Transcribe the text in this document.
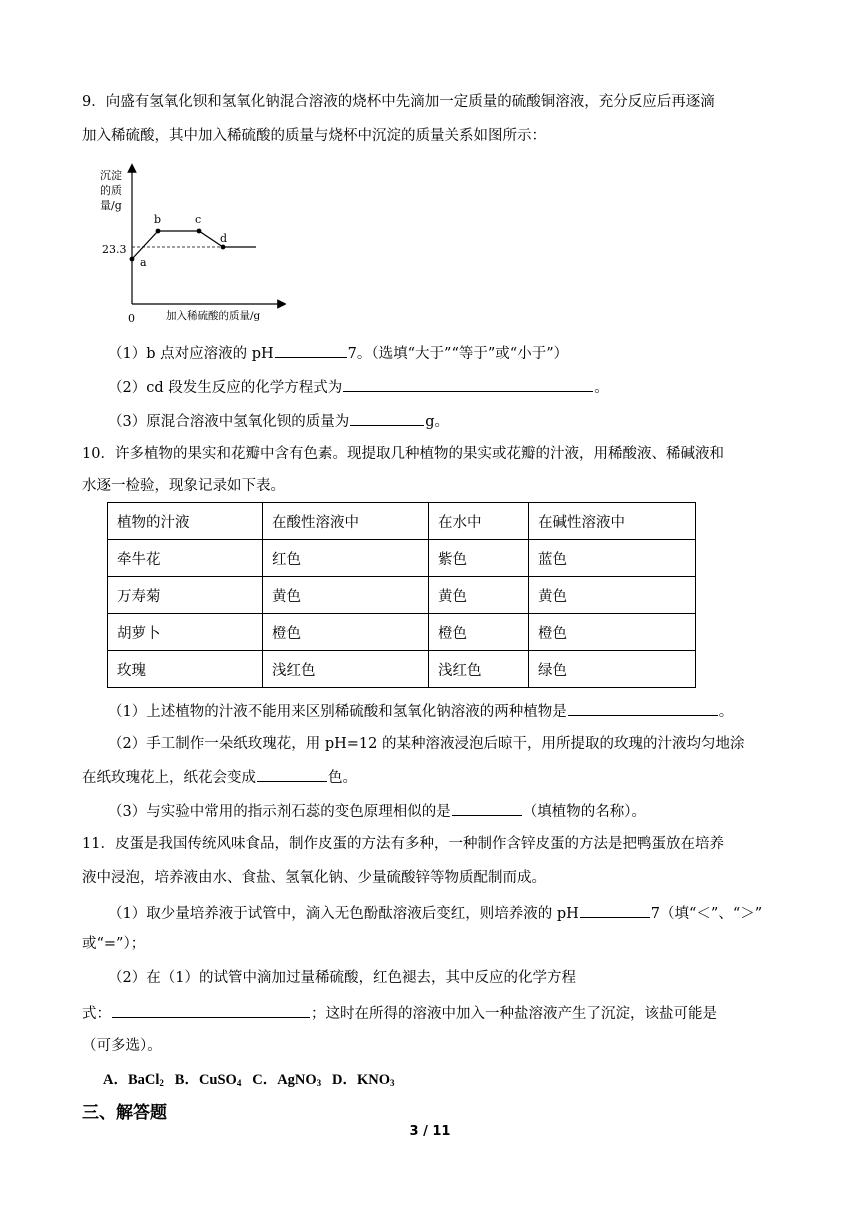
9．向盛有氢氧化钡和氢氧化钠混合溶液的烧杯中先滴加一定质量的硫酸铜溶液，充分反应后再逐滴
加入稀硫酸，其中加入稀硫酸的质量与烧杯中沉淀的质量关系如图所示：
沉淀
的质
量/g
23.3
a
b	c
d
0	加入稀硫酸的质量/g
（1）b 点对应溶液的 pH	7。（选填“大于”“等于”或“小于”）
（2）cd 段发生反应的化学方程式为	。
（3）原混合溶液中氢氧化钡的质量为	g。
10．许多植物的果实和花瓣中含有色素。现提取几种植物的果实或花瓣的汁液，用稀酸液、稀碱液和
水逐一检验，现象记录如下表。
植物的汁液	在酸性溶液中	在水中	在碱性溶液中
牵牛花	红色	紫色	蓝色
万寿菊	黄色	黄色	黄色
胡萝卜	橙色	橙色	橙色
玫瑰	浅红色	浅红色	绿色
（1）上述植物的汁液不能用来区别稀硫酸和氢氧化钠溶液的两种植物是	。
（2）手工制作一朵纸玫瑰花，用 pH=12 的某种溶液浸泡后晾干，用所提取的玫瑰的汁液均匀地涂
在纸玫瑰花上，纸花会变成	色。
（3）与实验中常用的指示剂石蕊的变色原理相似的是	（填植物的名称）。
11．皮蛋是我国传统风味食品，制作皮蛋的方法有多种，一种制作含锌皮蛋的方法是把鸭蛋放在培养
液中浸泡，培养液由水、食盐、氢氧化钠、少量硫酸锌等物质配制而成。
（1）取少量培养液于试管中，滴入无色酚酞溶液后变红，则培养液的 pH	7（填“＜”、“＞”
或“=”）；
（2）在（1）的试管中滴加过量稀硫酸，红色褪去，其中反应的化学方程
式：	；这时在所得的溶液中加入一种盐溶液产生了沉淀，该盐可能是
（可多选）。
A．BaCl$_2$ B．CuSO$_4$ C．AgNO$_3$ D．$KNO_3$
三、解答题
3 / 11
